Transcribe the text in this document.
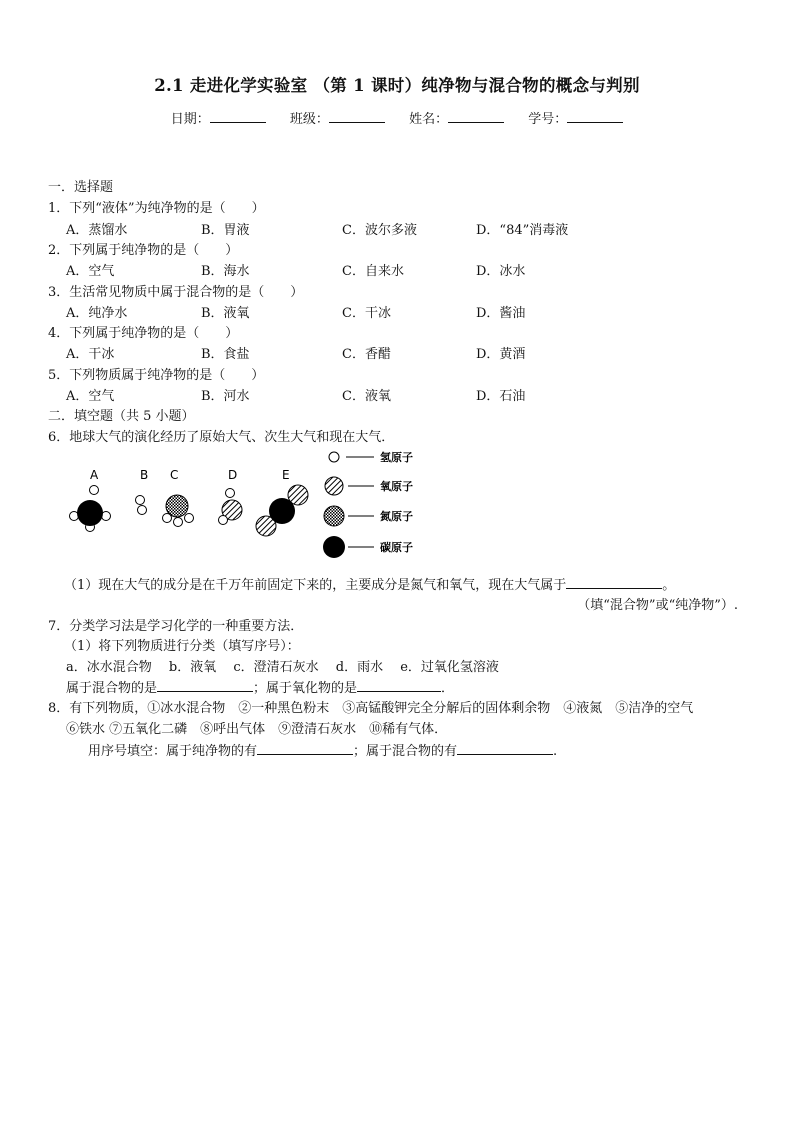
2.1 走进化学实验室 （第 1 课时）纯净物与混合物的概念与判别
日期：	班级：	姓名：	学号：
一．选择题
1．下列“液体”为纯净物的是（　　）
A．蒸馏水	B．胃液	C．波尔多液	D．“84”消毒液
2．下列属于纯净物的是（　　）
A．空气	B．海水	C．自来水	D．冰水
3．生活常见物质中属于混合物的是（　　）
A．纯净水	B．液氧	C．干冰	D．酱油
4．下列属于纯净物的是（　　）
A．干冰	B．食盐	C．香醋	D．黄酒
5．下列物质属于纯净物的是（　　）
A．空气	B．河水	C．液氧	D．石油
二．填空题（共 5 小题）
6．地球大气的演化经历了原始大气、次生大气和现在大气．
A	B C	D	E
氢原子
氧原子
氮原子
碳原子
（1）现在大气的成分是在千万年前固定下来的，主要成分是氮气和氧气，现在大气属于	。
（填“混合物”或“纯净物”）.
7．分类学习法是学习化学的一种重要方法．
（1）将下列物质进行分类（填写序号）：
a．冰水混合物　 b．液氧　 c．澄清石灰水　 d．雨水　 e．过氧化氢溶液
属于混合物的是	；属于氧化物的是	．
8．有下列物质，①冰水混合物　②一种黑色粉末　③高锰酸钾完全分解后的固体剩余物　④液氮　⑤洁净的空气
⑥铁水 ⑦五氧化二磷　⑧呼出气体　⑨澄清石灰水　⑩稀有气体．
用序号填空：属于纯净物的有	；属于混合物的有	.
